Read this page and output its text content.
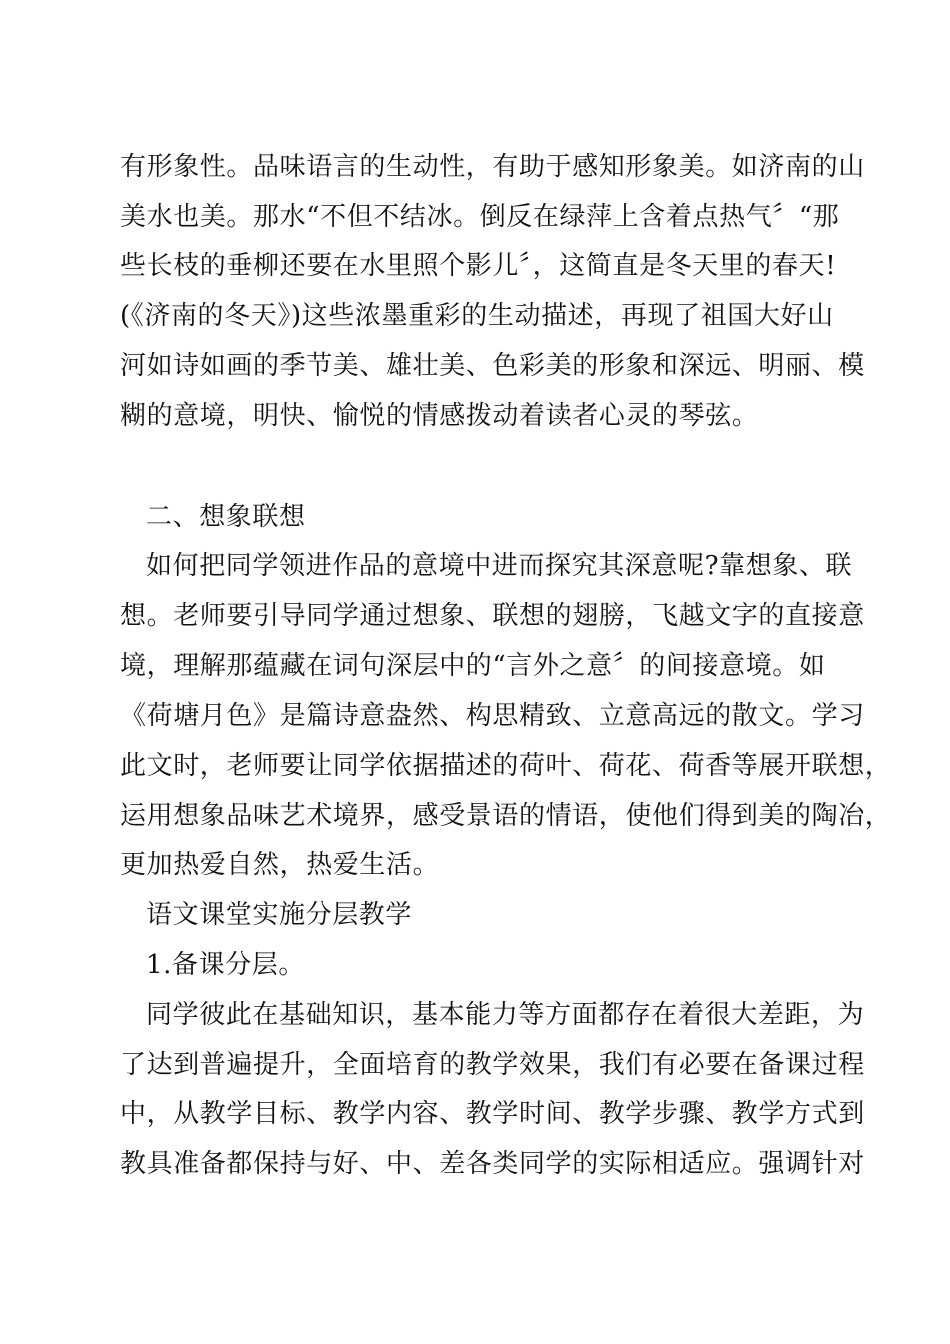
有形象性。品味语言的生动性，有助于感知形象美。如济南的山
美水也美。那水“不但不结冰。倒反在绿萍上含着点热气〞“那
些长枝的垂柳还要在水里照个影儿〞，这简直是冬天里的春天!
(《济南的冬天》)这些浓墨重彩的生动描述，再现了祖国大好山
河如诗如画的季节美、雄壮美、色彩美的形象和深远、明丽、模
糊的意境，明快、愉悦的情感拨动着读者心灵的琴弦。
二、想象联想
如何把同学领进作品的意境中进而探究其深意呢?靠想象、联
想。老师要引导同学通过想象、联想的翅膀，飞越文字的直接意
境，理解那蕴藏在词句深层中的“言外之意〞的间接意境。如
《荷塘月色》是篇诗意盎然、构思精致、立意高远的散文。学习
此文时，老师要让同学依据描述的荷叶、荷花、荷香等展开联想，
运用想象品味艺术境界，感受景语的情语，使他们得到美的陶冶，
更加热爱自然，热爱生活。
语文课堂实施分层教学
1.备课分层。
同学彼此在基础知识，基本能力等方面都存在着很大差距，为
了达到普遍提升，全面培育的教学效果，我们有必要在备课过程
中，从教学目标、教学内容、教学时间、教学步骤、教学方式到
教具准备都保持与好、中、差各类同学的实际相适应。强调针对
